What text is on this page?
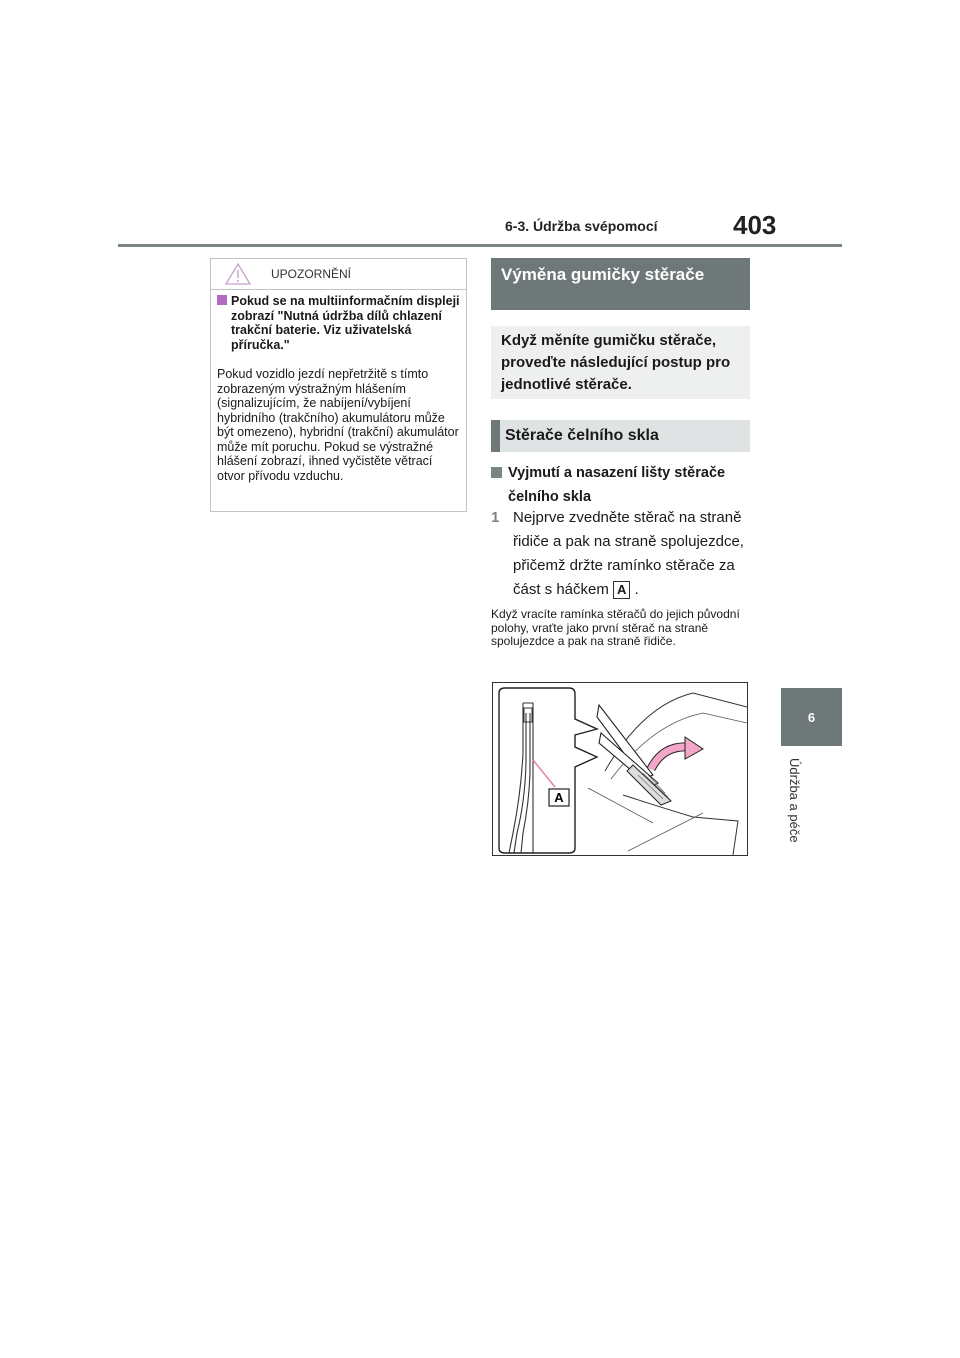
6-3. Údržba svépomocí	403
6
Údržba a péče
UPOZORNĚNÍ
Pokud se na multiinformačním displeji zobrazí "Nutná údržba dílů chlazení trakční baterie. Viz uživatelská příručka."
Pokud vozidlo jezdí nepřetržitě s tímto zobrazeným výstražným hlášením (signalizujícím, že nabíjení/vybíjení hybridního (trakčního) akumulátoru může být omezeno), hybridní (trakční) akumulátor může mít poruchu. Pokud se výstražné hlášení zobrazí, ihned vyčistěte větrací otvor přívodu vzduchu.
Výměna gumičky stěrače
Když měníte gumičku stěrače, proveďte následující postup pro jednotlivé stěrače.
Stěrače čelního skla
Vyjmutí a nasazení lišty stěrače čelního skla
1 Nejprve zvedněte stěrač na straně řidiče a pak na straně spolujezdce, přičemž držte ramínko stěrače za část s háčkem A .
Když vracíte ramínka stěračů do jejich původní polohy, vraťte jako první stěrač na straně spolujezdce a pak na straně řidiče.
A
